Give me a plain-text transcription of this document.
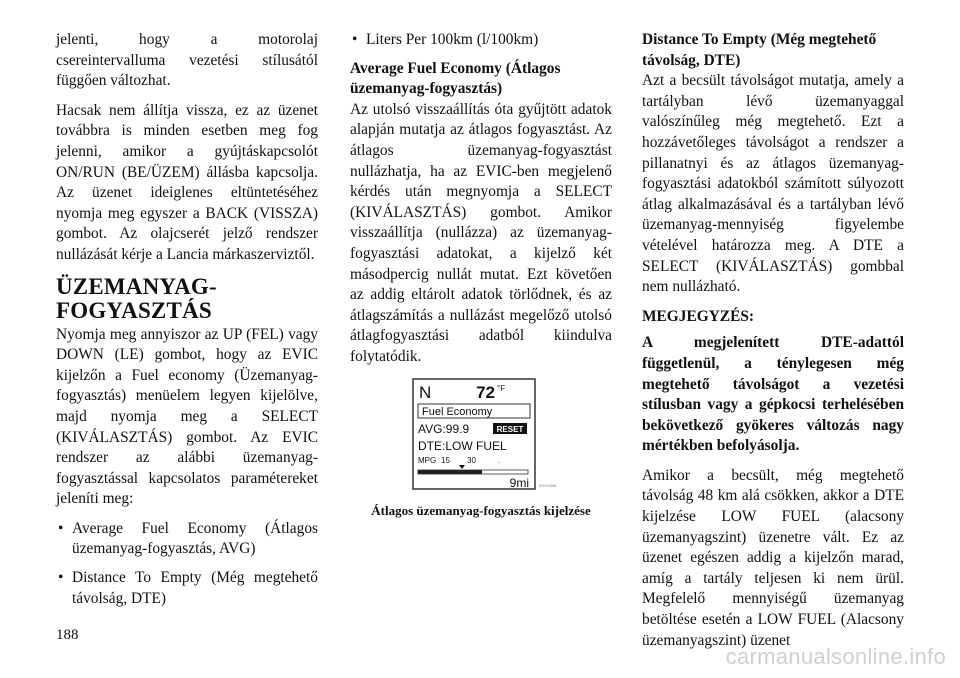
jelenti, hogy a motorolaj csereintervalluma vezetési stílusától függően változhat.

Hacsak nem állítja vissza, ez az üzenet továbbra is minden esetben meg fog jelenni, amikor a gyújtáskapcsolót ON/RUN (BE/ÜZEM) állásba kapcsolja. Az üzenet ideiglenes eltüntetéséhez nyomja meg egyszer a BACK (VISSZA) gombot. Az olajcserét jelző rendszer nullázását kérje a Lancia márkaszerviztől.

ÜZEMANYAG-FOGYASZTÁS

Nyomja meg annyiszor az UP (FEL) vagy DOWN (LE) gombot, hogy az EVIC kijelzőn a Fuel economy (Üzemanyag-fogyasztás) menüelem legyen kijelölve, majd nyomja meg a SELECT (KIVÁLASZTÁS) gombot. Az EVIC rendszer az alábbi üzemanyag-fogyasztással kapcsolatos paramétereket jeleníti meg:

• Average Fuel Economy (Átlagos üzemanyag-fogyasztás, AVG)
• Distance To Empty (Még megtehető távolság, DTE)
• Liters Per 100km (l/100km)
Average Fuel Economy (Átlagos üzemanyag-fogyasztás)

Az utolsó visszaállítás óta gyűjtött adatok alapján mutatja az átlagos fogyasztást. Az átlagos üzemanyag-fogyasztást nullázhatja, ha az EVIC-ben megjelenő kérdés után megnyomja a SELECT (KIVÁLASZTÁS) gombot. Amikor visszaállítja (nullázza) az üzemanyag-fogyasztási adatokat, a kijelző két másodpercig nullát mutat. Ezt követően az addig eltárolt adatok törlődnek, és az átlagszámítás a nullázást megelőző utolsó átlagfogyasztási adatból kiindulva folytatódik.

N	72 °F
Fuel Economy
AVG:99.9	RESET
DTE:LOW FUEL
MPG 15 30	.
9mi	8092b48ff6

Átlagos üzemanyag-fogyasztás kijelzése

Distance To Empty (Még megtehető távolság, DTE)

Azt a becsült távolságot mutatja, amely a tartályban lévő üzemanyaggal valószínűleg még megtehető. Ezt a hozzávetőleges távolságot a rendszer a pillanatnyi és az átlagos üzemanyag-fogyasztási adatokból számított súlyozott átlag alkalmazásával és a tartályban lévő üzemanyag-mennyiség figyelembe vételével határozza meg. A DTE a SELECT (KIVÁLASZTÁS) gombbal nem nullázható.

MEGJEGYZÉS:

A megjelenített DTE-adattól függetlenül, a ténylegesen még megtehető távolságot a vezetési stílusban vagy a gépkocsi terhelésében bekövetkező gyökeres változás nagy mértékben befolyásolja.

Amikor a becsült, még megtehető távolság 48 km alá csökken, akkor a DTE kijelzése LOW FUEL (alacsony üzemanyagszint) üzenetre vált. Ez az üzenet egészen addig a kijelzőn marad, amíg a tartály teljesen ki nem ürül. Megfelelő mennyiségű üzemanyag betöltése esetén a LOW FUEL (Alacsony üzemanyagszint) üzenet

188
carmanualsonline.info
